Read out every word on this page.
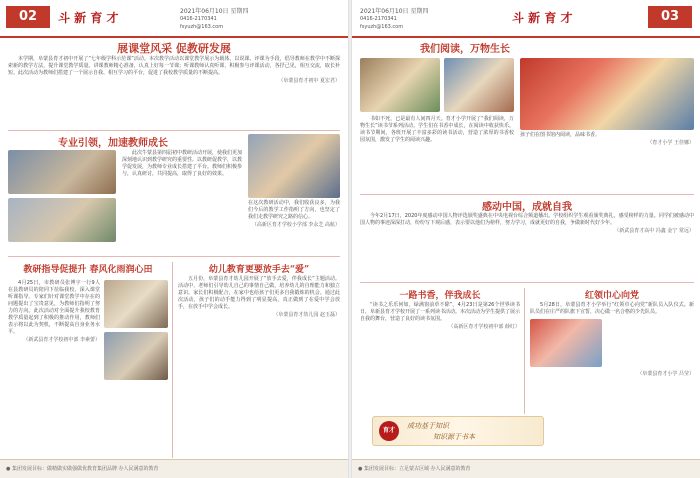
02	斗 新 育 才	2021年06月10日 星期四
0416-2170341
fsyuzh@163.com
展课堂风采 促教研发展

本学期，阜蒙县育才初中开展了“七年级学科示范课”活动。本次教学活动以课堂教学展示为载体，以说课、评课为手段，倡导教师在教学中不断探索新的教学方法，提升课堂教学质量。讲课教师精心准备，认真上好每一节课；听课教师认真听课，积极参与评课活动，各抒己见，相互交流，取长补短。此次活动为教师们搭建了一个展示自我、相互学习的平台，促进了我校教学质量的不断提高。

（阜蒙县育才初中 夏宏君）

专业引领，加速教师成长

此次牛蒙县第四届初中教研活动开展，使我们更加深刻地认识到教学研究的重要性。以教研促教学，以教学促发展，为教师专业成长搭建了平台。教师们积极参与，认真研讨，共同提高，取得了良好的效果。

在这次教研活动中，我们收获良多，为我们今后的教学工作指明了方向，也坚定了我们走教学研究之路的信心。

（高新区育才学校小学部 李永芝 高航）

教研指导促提升 春风化雨润心田

4月25日，市教研员张博宇一行9人在县教研员的陪同下莅临我校，深入课堂听课指导。专家们针对课堂教学中存在的问题提出了宝贵意见，为教师们指明了努力的方向。此次活动对全面提升我校教育教学质量起到了积极的推动作用，教师们表示将以此为契机，不断提高自身业务水平。

（新武县育才学校初中部 李素蕾）

幼儿教育更要放手去“爱”

五月份，阜蒙县育才幼儿园开展了“放手去爱，伴我成长”主题活动。活动中，老师们引导幼儿自己的事情自己做，培养幼儿的自理能力和独立意识。家长们积极配合，在家中也给孩子们更多自我锻炼的机会。通过此次活动，孩子们的动手能力得到了明显提高，真正做到了在爱中学会放手，在放手中学会成长。

（阜蒙县育才幼儿园 赵玉磊）

● 集团发展目标：做精做实做强做优教育集团品牌 办人民满意的教育
2021年06月10日 星期四
0416-2170341
fsyuzh@163.com
斗 新 育 才	03
我们阅读，万物生长

书如不死，已是最有人间四月天。育才小学开展了“我们阅读，万物生长”读书节系列活动。学生们在书香中成长，在阅读中收获快乐。读书节期间，各班开展了丰富多彩的读书活动，营造了浓厚的书香校园氛围，激发了学生的阅读兴趣。

孩子们在图书馆内阅读，品味书香。

（育才小学 王佳娜）

感动中国，成就自我

今年2月17日，2020年度感动中国人物评选颁奖盛典在中央电视台综合频道播出。学校组织学生观看颁奖典礼，感受榜样的力量。同学们被感动中国人物的事迹深深打动，纷纷写下观后感，表示要以他们为榜样，努力学习，成就更好的自我，争做新时代好少年。

（新武县育才高中 冯鑫 金宁 常远）

一路书香，伴我成长

“读书之乐乐何如，绿满窗前草不除”。4月23日是第26个世界读书日，阜新县育才学校开展了一系列读书活动。本次活动为学生提供了展示自我的舞台，营造了良好的读书氛围。

（高新区育才学校初中部 薛红）

红领巾心向党

5月28日，阜蒙县育才小学举行“红领巾心向党”新队员入队仪式。新队员们在庄严的队旗下宣誓，决心做一名合格的少先队员。

（阜蒙县育才小学 吕莹）

育才
成功基于知识
知识源于书本
● 集团发展目标：立足蒙古区域 办人民满意的教育
